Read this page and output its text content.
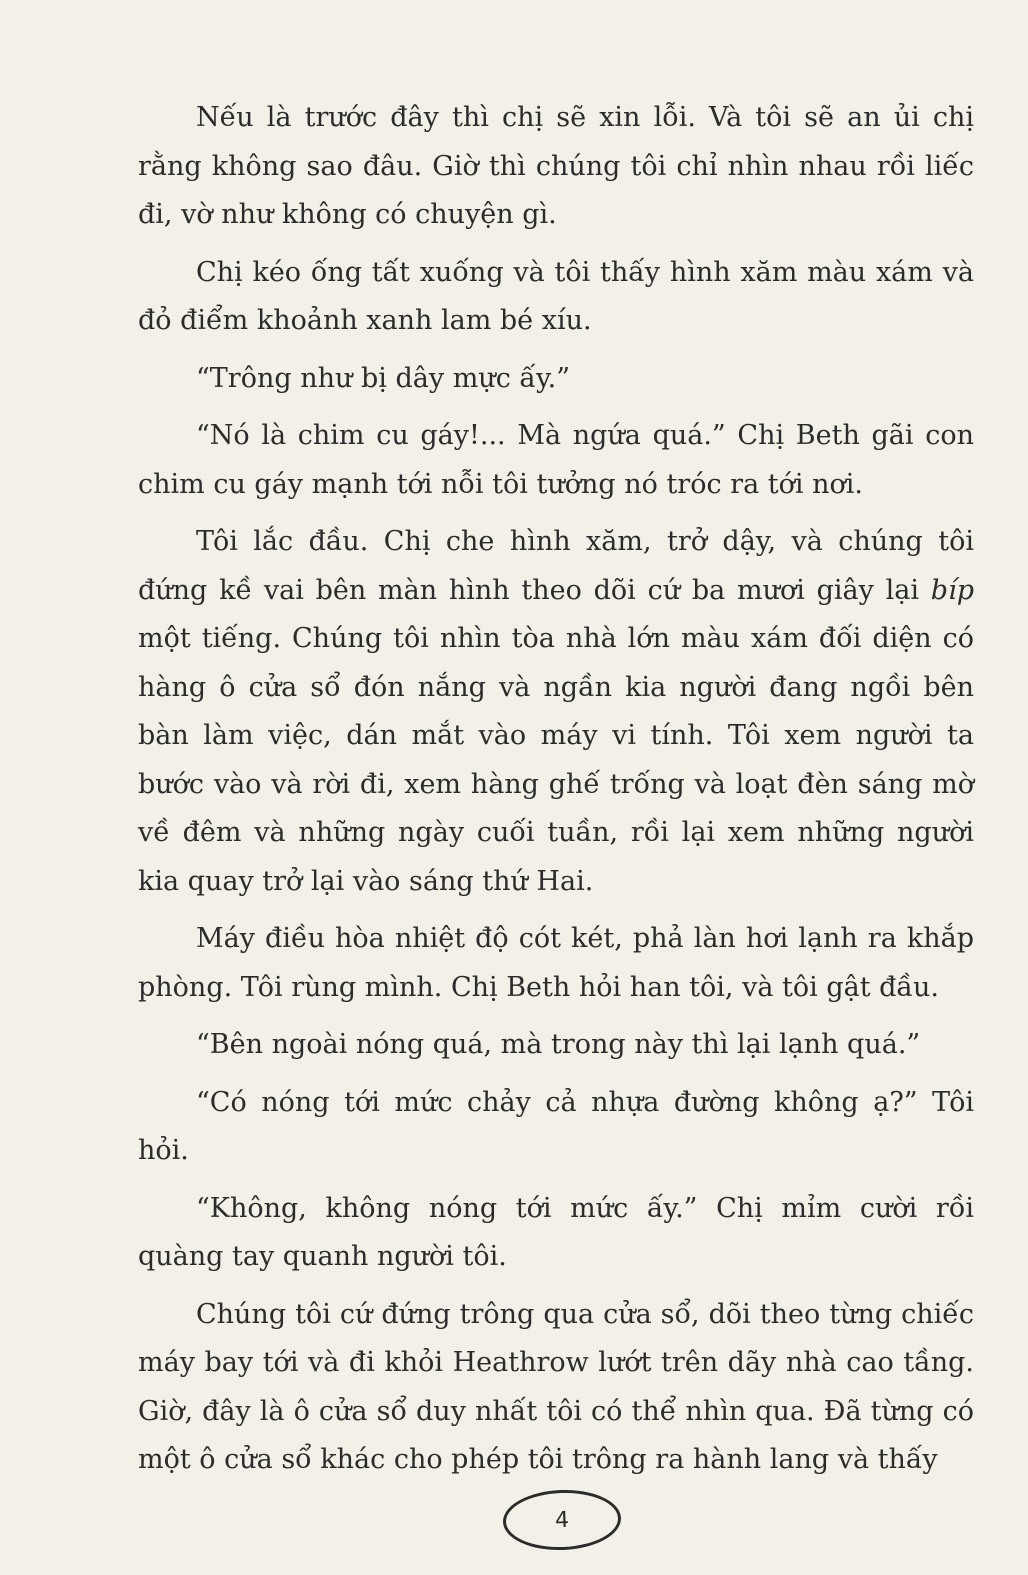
Nếu là trước đây thì chị sẽ xin lỗi. Và tôi sẽ an ủi chị rằng không sao đâu. Giờ thì chúng tôi chỉ nhìn nhau rồi liếc đi, vờ như không có chuyện gì.

Chị kéo ống tất xuống và tôi thấy hình xăm màu xám và đỏ điểm khoảnh xanh lam bé xíu.

“Trông như bị dây mực ấy.”

“Nó là chim cu gáy!... Mà ngứa quá.” Chị Beth gãi con chim cu gáy mạnh tới nỗi tôi tưởng nó tróc ra tới nơi.

Tôi lắc đầu. Chị che hình xăm, trở dậy, và chúng tôi đứng kề vai bên màn hình theo dõi cứ ba mươi giây lại bíp một tiếng. Chúng tôi nhìn tòa nhà lớn màu xám đối diện có hàng ô cửa sổ đón nắng và ngần kia người đang ngồi bên bàn làm việc, dán mắt vào máy vi tính. Tôi xem người ta bước vào và rời đi, xem hàng ghế trống và loạt đèn sáng mờ về đêm và những ngày cuối tuần, rồi lại xem những người kia quay trở lại vào sáng thứ Hai.

Máy điều hòa nhiệt độ cót két, phả làn hơi lạnh ra khắp phòng. Tôi rùng mình. Chị Beth hỏi han tôi, và tôi gật đầu.

“Bên ngoài nóng quá, mà trong này thì lại lạnh quá.”

“Có nóng tới mức chảy cả nhựa đường không ạ?” Tôi hỏi.

“Không, không nóng tới mức ấy.” Chị mỉm cười rồi quàng tay quanh người tôi.

Chúng tôi cứ đứng trông qua cửa sổ, dõi theo từng chiếc máy bay tới và đi khỏi Heathrow lướt trên dãy nhà cao tầng. Giờ, đây là ô cửa sổ duy nhất tôi có thể nhìn qua. Đã từng có một ô cửa sổ khác cho phép tôi trông ra hành lang và thấy

4
